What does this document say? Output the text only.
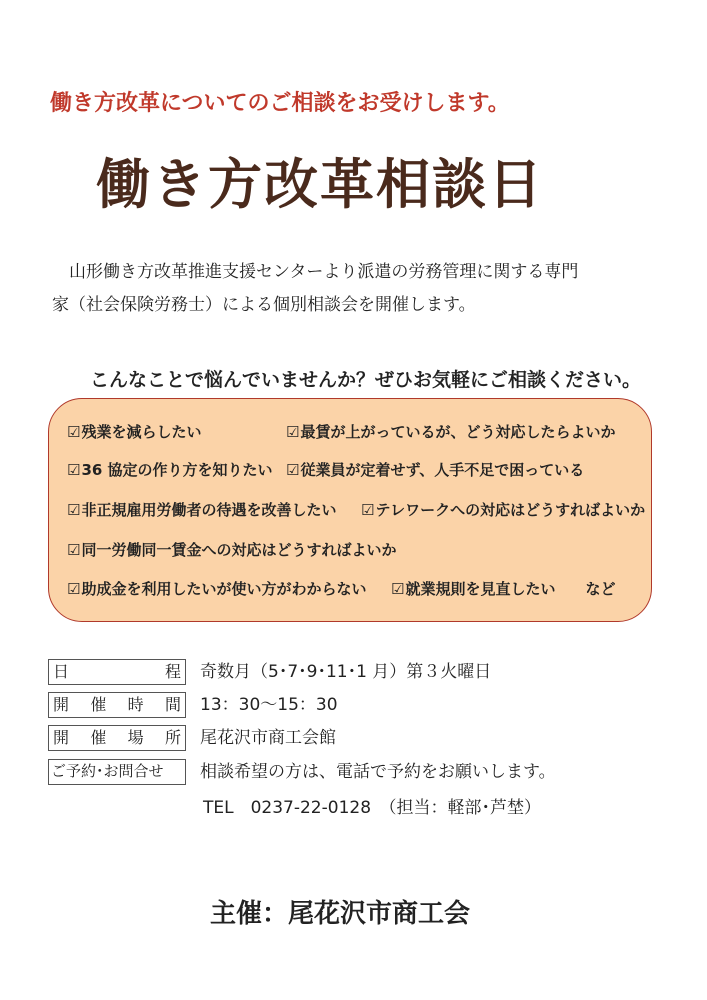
働き方改革についてのご相談をお受けします。
働き方改革相談日
山形働き方改革推進支援センターより派遣の労務管理に関する専門
家（社会保険労務士）による個別相談会を開催します。
こんなことで悩んでいませんか？ぜひお気軽にご相談ください。
☑残業を減らしたい	☑最賃が上がっているが、どう対応したらよいか
☑36 協定の作り方を知りたい ☑従業員が定着せず、人手不足で困っている
☑非正規雇用労働者の待遇を改善したい ☑テレワークへの対応はどうすればよいか
☑同一労働同一賃金への対応はどうすればよいか
☑助成金を利用したいが使い方がわからない ☑就業規則を見直したい　　など
日	程 奇数月（5･7･9･11･1 月）第３火曜日
開 催 時 間 13：30～15：30
開 催 場 所 尾花沢市商工会館
ご予約･お問合せ 相談希望の方は、電話で予約をお願いします。
TEL　0237-22-0128　（担当：軽部･芦埜）
主催：尾花沢市商工会
